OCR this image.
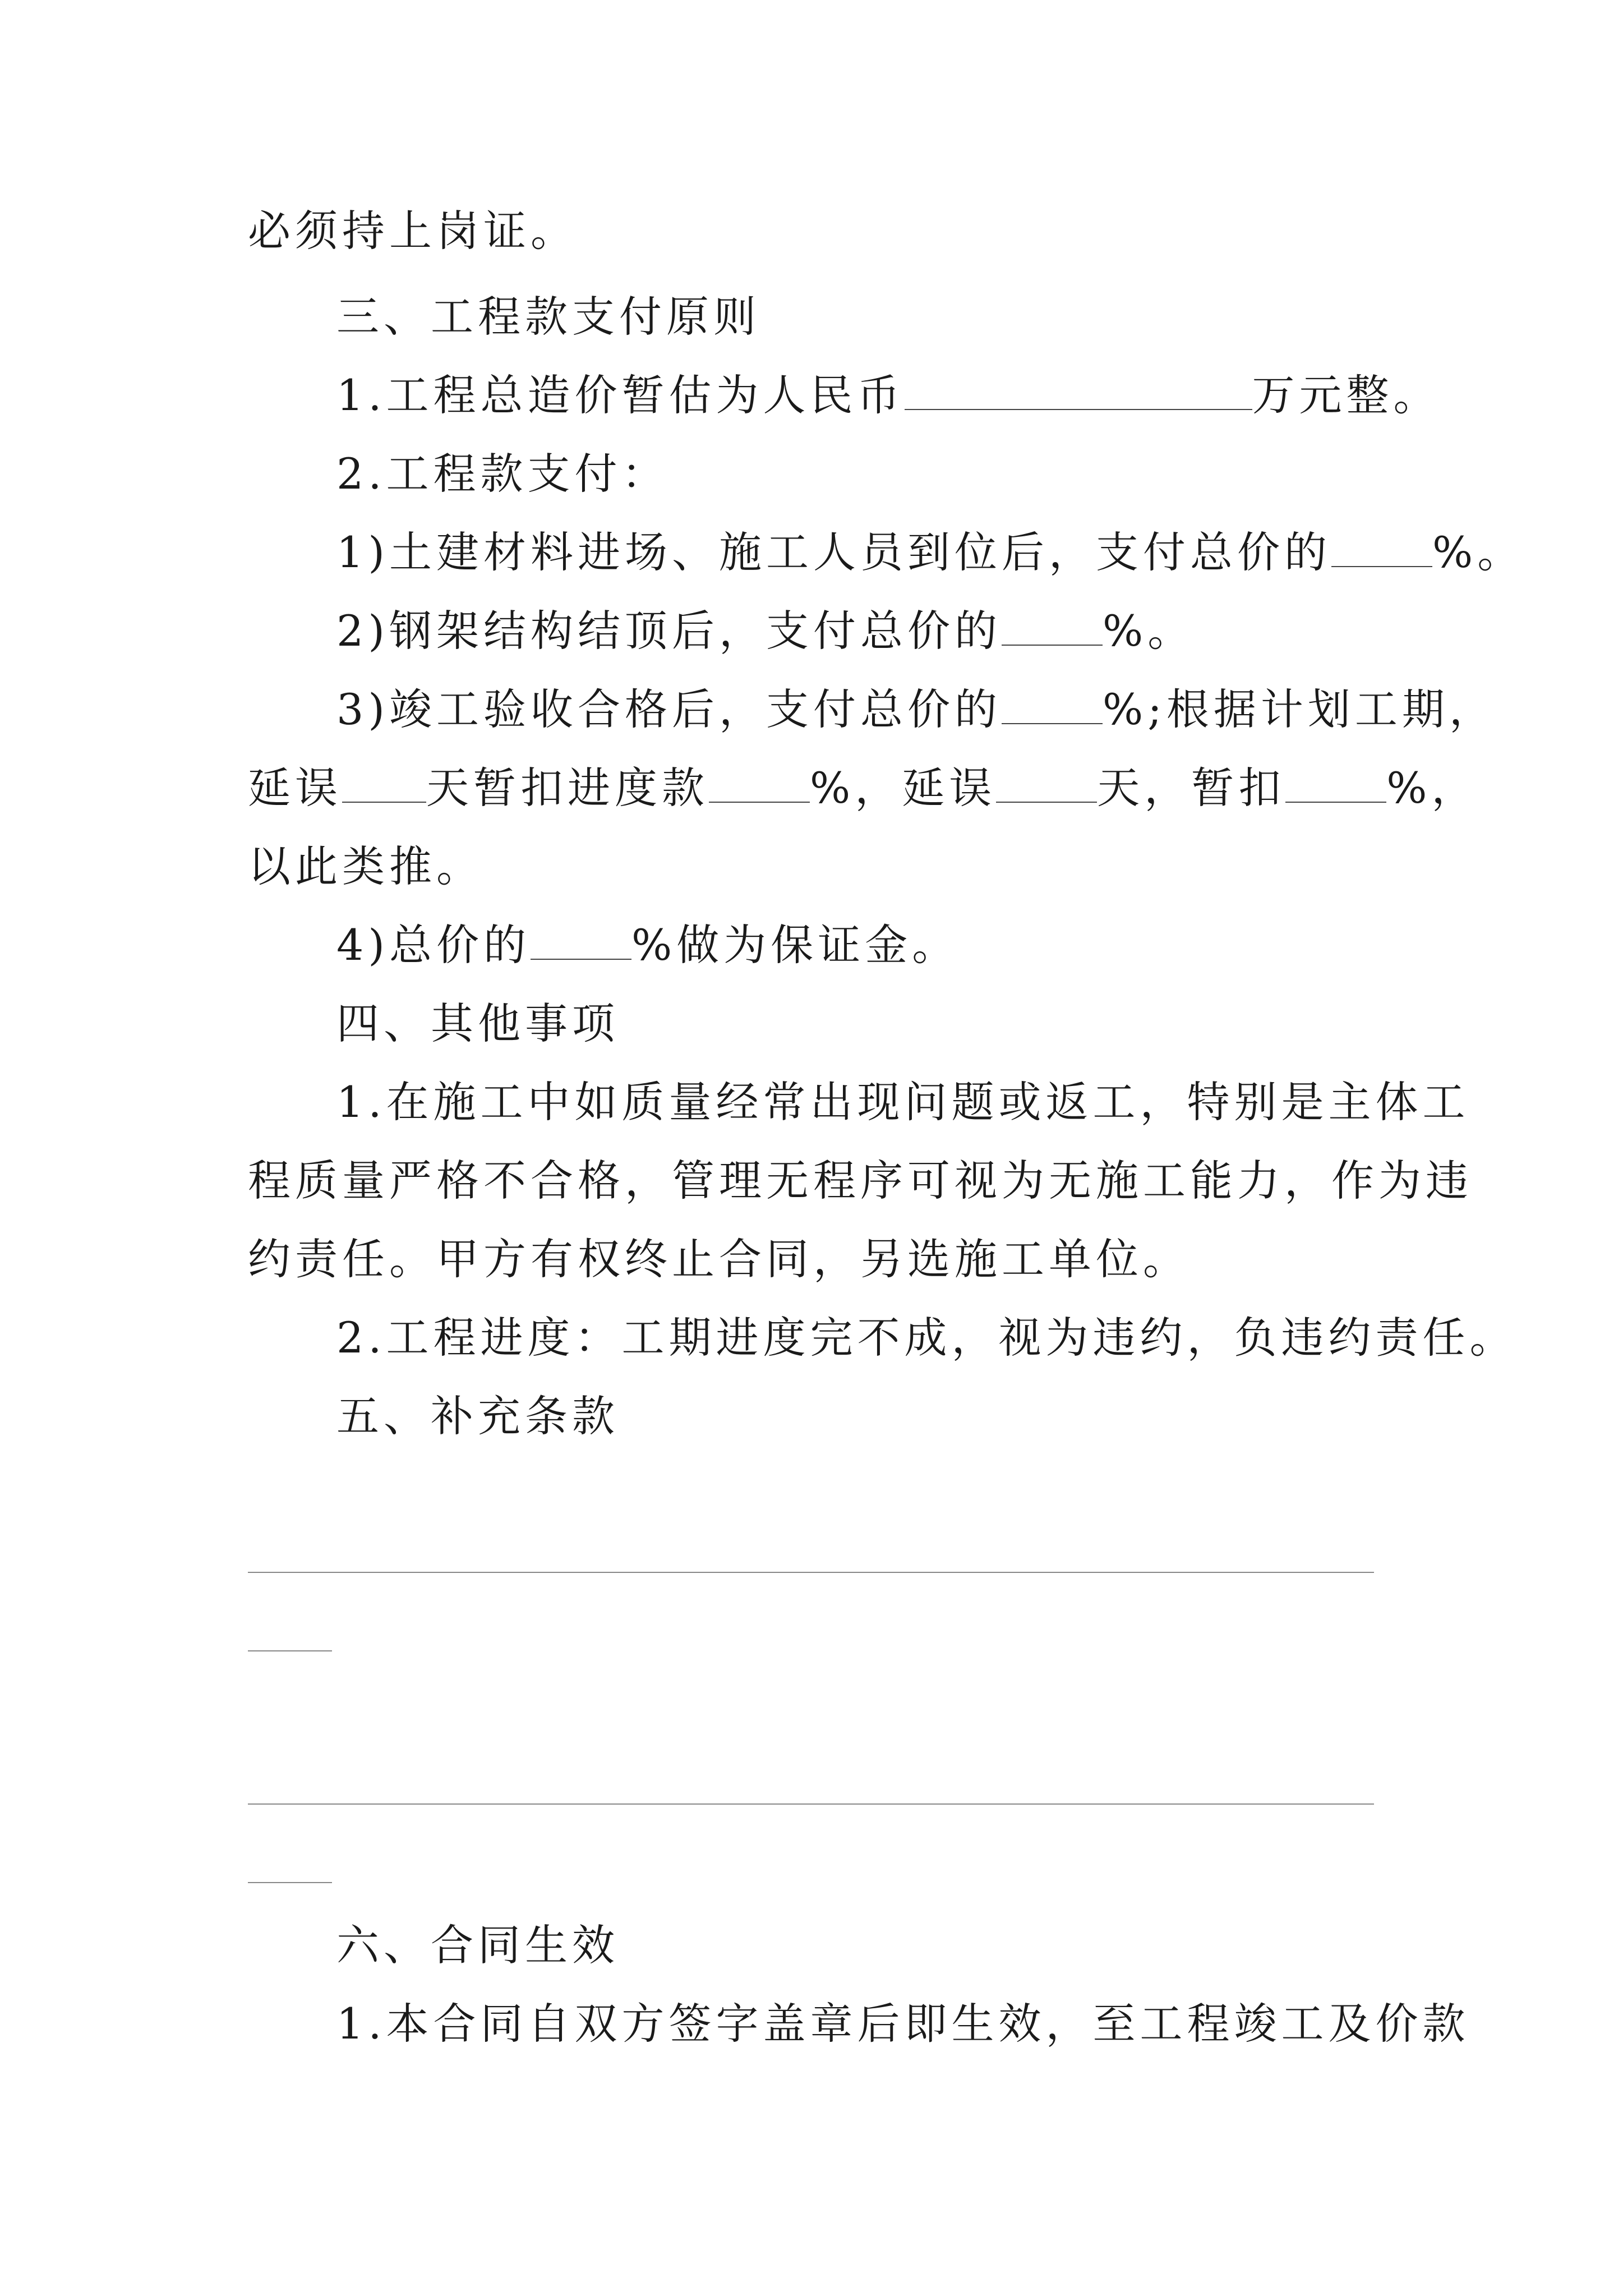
必须持上岗证。
三、工程款支付原则
1.工程总造价暂估为人民币	万元整。
2.工程款支付：
1)土建材料进场、施工人员到位后，支付总价的 %。
2)钢架结构结顶后，支付总价的 %。
3)竣工验收合格后，支付总价的 %;根据计划工期，
延误 天暂扣进度款 %，延误 天，暂扣 %，
以此类推。
4)总价的 %做为保证金。
四、其他事项
1.在施工中如质量经常出现问题或返工，特别是主体工
程质量严格不合格，管理无程序可视为无施工能力，作为违
约责任。甲方有权终止合同，另选施工单位。
2.工程进度：工期进度完不成，视为违约，负违约责任。
五、补充条款
六、合同生效
1.本合同自双方签字盖章后即生效，至工程竣工及价款
